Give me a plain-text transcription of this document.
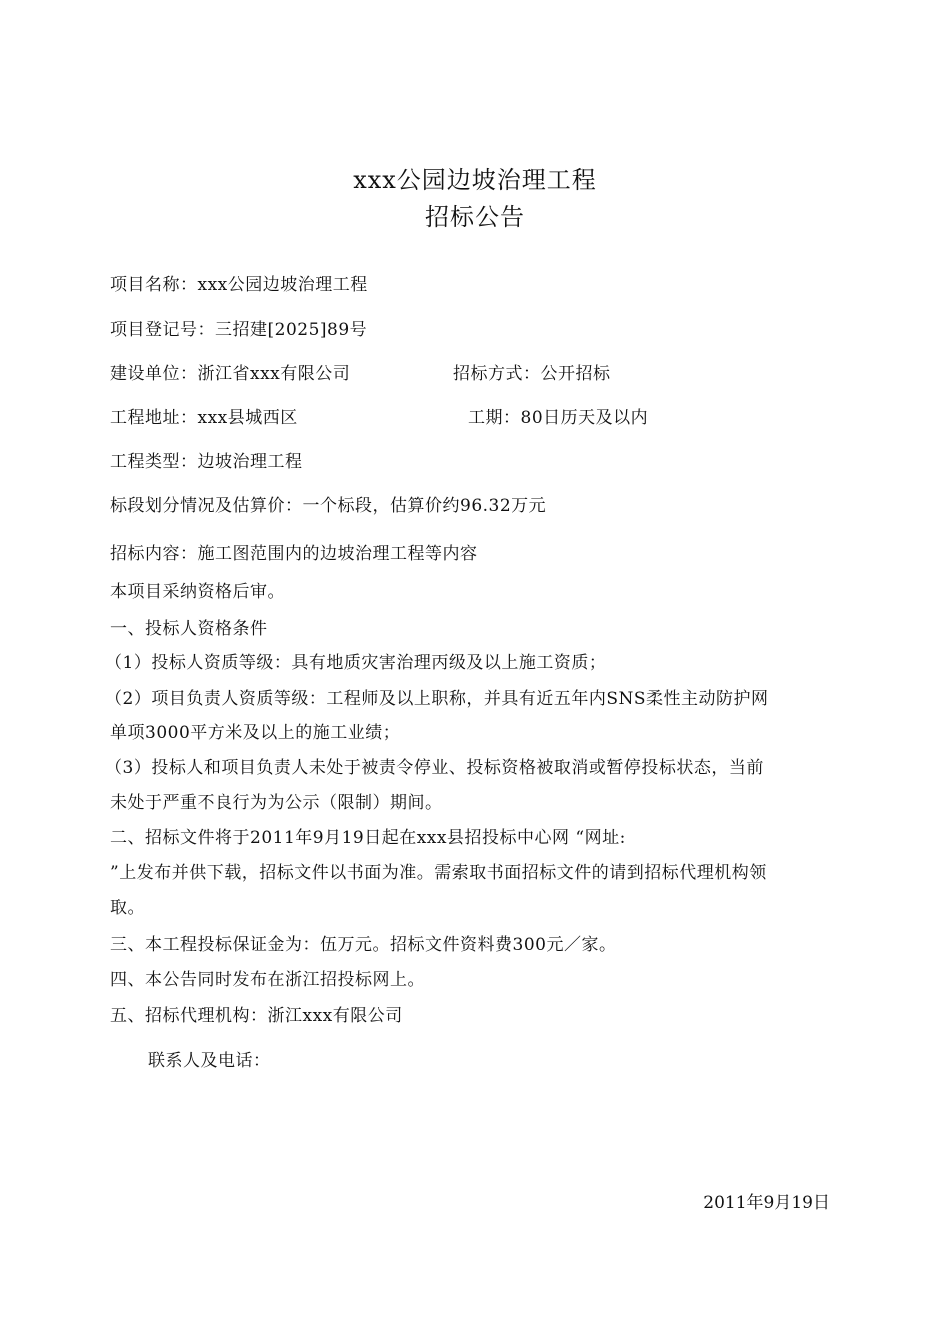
xxx公园边坡治理工程
招标公告
项目名称：xxx公园边坡治理工程
项目登记号：三招建[2025]89号
建设单位：浙江省xxx有限公司	招标方式：公开招标
工程地址：xxx县城西区	工期：80日历天及以内
工程类型：边坡治理工程
标段划分情况及估算价：一个标段，估算价约96.32万元
招标内容：施工图范围内的边坡治理工程等内容
本项目采纳资格后审。
一、投标人资格条件
（1）投标人资质等级：具有地质灾害治理丙级及以上施工资质；
（2）项目负责人资质等级：工程师及以上职称，并具有近五年内SNS柔性主动防护网
单项3000平方米及以上的施工业绩；
（3）投标人和项目负责人未处于被责令停业、投标资格被取消或暂停投标状态，当前
未处于严重不良行为为公示（限制）期间。
二、招标文件将于2011年9月19日起在xxx县招投标中心网 “网址:
”上发布并供下载，招标文件以书面为准。需索取书面招标文件的请到招标代理机构领
取。
三、本工程投标保证金为：伍万元。招标文件资料费300元／家。
四、本公告同时发布在浙江招投标网上。
五、招标代理机构：浙江xxx有限公司
联系人及电话：
2011年9月19日
